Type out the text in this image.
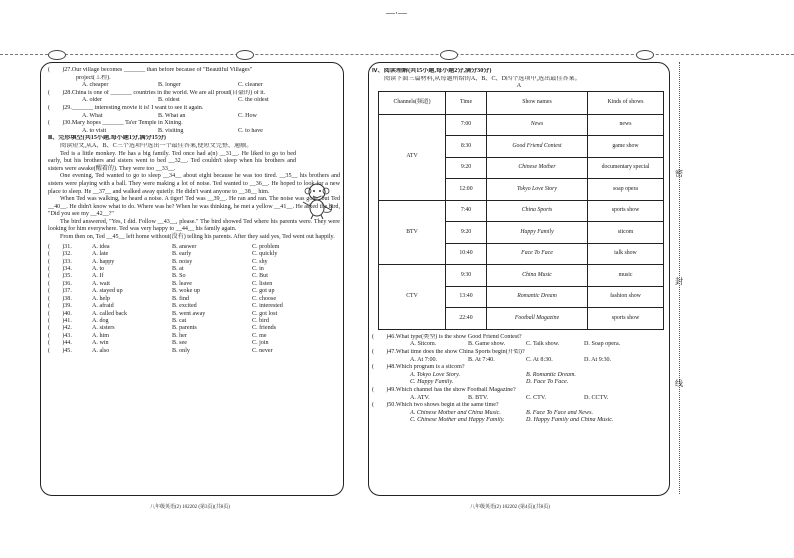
—·—
(        )27.Our village becomes _______ than before because of "Beautiful Villages"
project(工程).
A. cheaper	B. longer	C. cleaner
(        )28.China is one of _______ countries in the world. We are all proud(自豪的) of it.
A. older	B. oldest	C. the oldest
(        )29._______ interesting movie it is! I want to see it again.
A. What	B. What an	C. How
(        )30.Mary hopes _______ Ta'er Temple in Xining.
A. to visit	B. visiting	C. to have
Ⅲ、完形填空(共15小题,每小题1分,满分15分)
阅读短文,从A、B、C三个选项中选出一个最佳答案,使短文完整、通顺。
Ted is a little monkey. He has a big family. Ted once had a(n) __31__. He liked to go to bed early, but his brothers and sisters went to bed __32__. Ted couldn't sleep when his brothers and sisters were awake(醒着的). They were too __33__.
One evening, Ted wanted to go to sleep __34__ about eight because he was too tired. __35__ his brothers and sisters were playing with a ball. They were making a lot of noise. Ted wanted to __36__. He hoped to look for a new place to sleep. He __37__ and walked away quietly. He didn't want anyone to __38__ him.
When Ted was walking, he heard a noise. A tiger! Ted was __39__. He ran and ran. The noise was gone, but Ted __40__. He didn't know what to do. Where was he? When he was thinking, he met a yellow __41__. He asked the bird, "Did you see my __42__?"
The bird answered, "Yes, I did. Follow __43__, please." The bird showed Ted where his parents were. They were looking for him everywhere. Ted was very happy to __44__ his family again.
From then on, Ted __45__ left home without(没有) telling his parents. After they said yes, Ted went out happily.
(        )31.	A. idea	B. answer	C. problem
(        )32.	A. late	B. early	C. quickly
(        )33.	A. happy	B. noisy	C. shy
(        )34.	A. to	B. at	C. in
(        )35.	A. If	B. So	C. But
(        )36.	A. wait	B. leave	C. listen
(        )37.	A. stayed up	B. woke up	C. got up
(        )38.	A. help	B. find	C. choose
(        )39.	A. afraid	B. excited	C. interested
(        )40.	A. called back	B. went away	C. got lost
(        )41.	A. dog	B. cat	C. bird
(        )42.	A. sisters	B. parents	C. friends
(        )43.	A. him	B. her	C. me
(        )44.	A. win	B. see	C. join
(        )45.	A. also	B. only	C. never
八年级英语(2) 102202 (第3页)(共8页)
Ⅳ、阅读理解(共15小题,每小题2分,满分30分)
阅读下面三篇材料,从每题所给的A、B、C、D四个选项中,选出最佳答案。
A
Channels(频道)	Time	Show names	Kinds of shows
ATV	7:00	News	news
	8:30	Good Friend Contest	game show
	9:20	Chinese Mother	documentary special
	12:00	Tokyo Love Story	soap opera
BTV	7:40	China Sports	sports show
	9:20	Happy Family	sitcom
	10:40	Face To Face	talk show
CTV	9:30	China Music	music
	13:40	Romantic Dream	fashion show
	22:40	Football Magazine	sports show
(        )46.What type(类型) is the show Good Friend Contest?
A. Sitcom.	B. Game show.	C. Talk show.	D. Soap opera.
(        )47.What time does the show China Sports begin(开始)?
A. At 7:00.	B. At 7:40.	C. At 8:30.	D. At 9:30.
(        )48.Which program is a sitcom?
A. Tokyo Love Story.	B. Romantic Dream.
C. Happy Family.	D. Face To Face.
(        )49.Which channel has the show Football Magazine?
A. ATV.	B. BTV.	C. CTV.	D. CCTV.
(        )50.Which two shows begin at the same time?
A. Chinese Mother and China Music.	B. Face To Face and News.
C. Chinese Mother and Happy Family.	D. Happy Family and China Music.
八年级英语(2) 102202 (第4页)(共8页)
密
封
线
